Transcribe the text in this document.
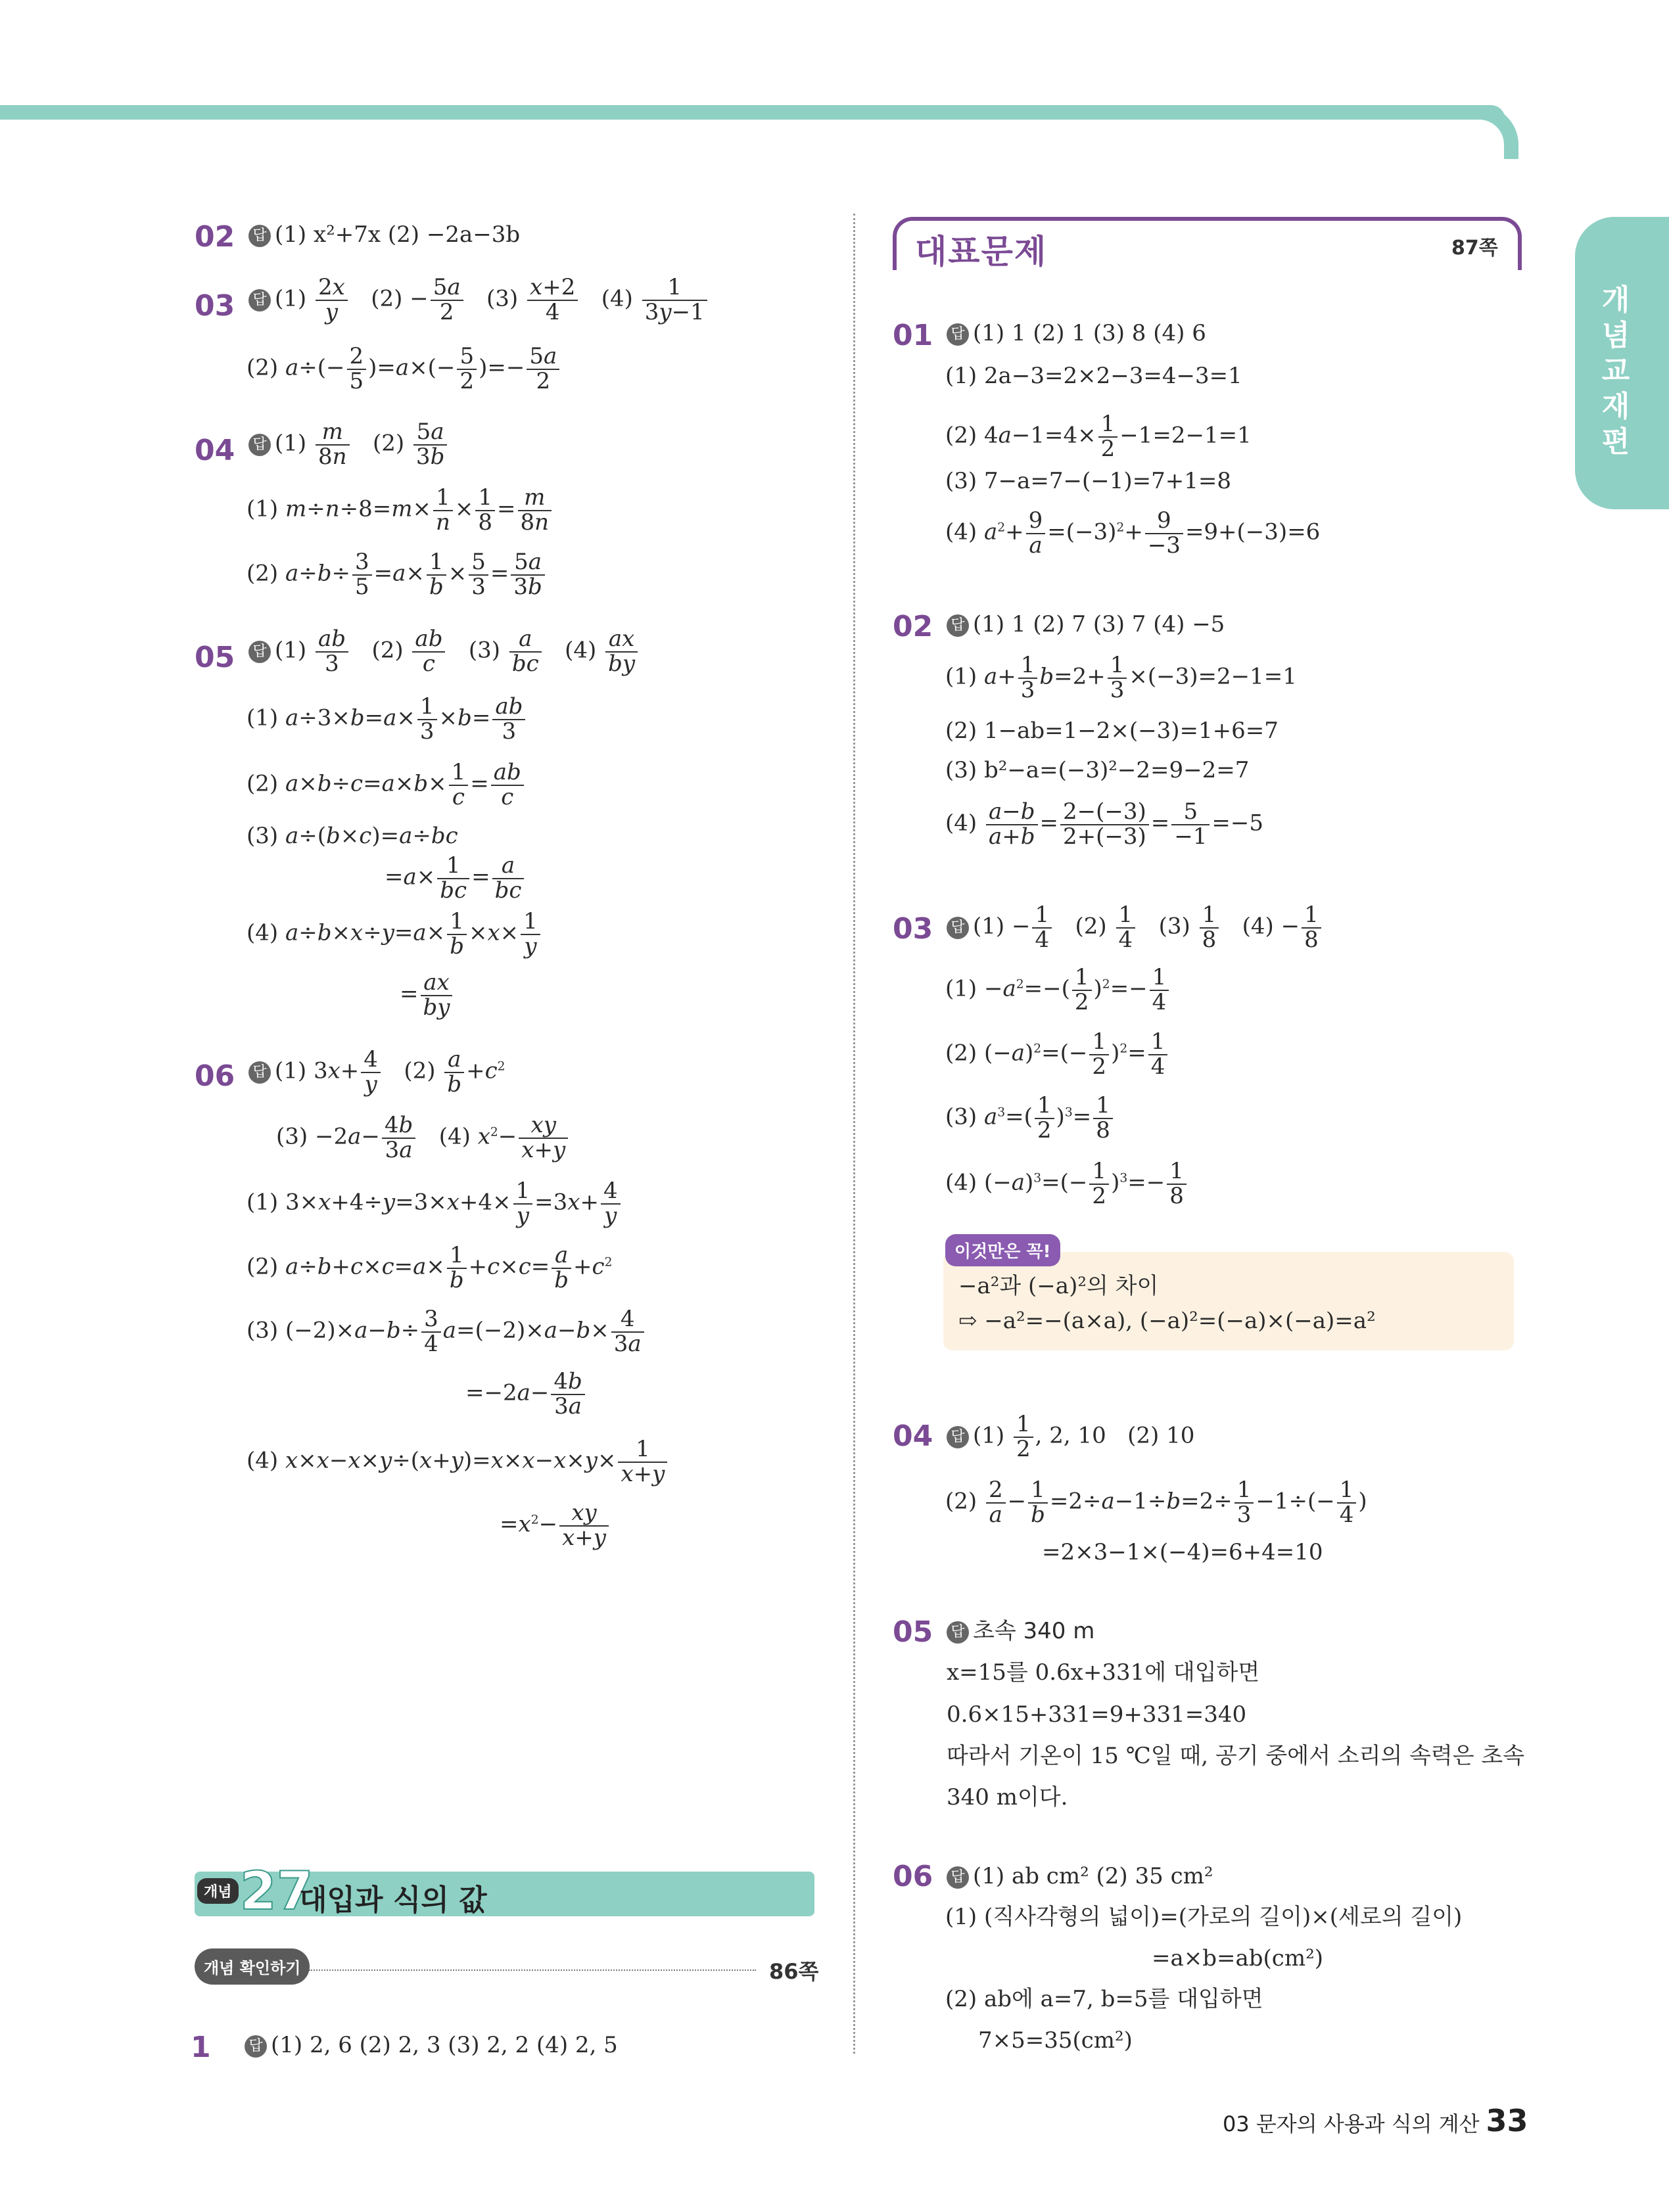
개념교재편
02 답 (1) x²+7x (2) −2a−3b
03 답 $(1) \frac{2x}{y} (2) - \frac{5a}{2} (3) \frac{x+2}{4} (4) \frac{1}{3y-1}$
(2) $a\div(- \frac{2}{5} )=a\times(- \frac{5}{2}$ )=− $\frac{5a}{2}$
04 답 $(1) \frac{m}{8n} (2) \frac{5a}{3b}$
(1) $m\div n\div 8=m\times \frac{1}{n} \times \frac{1}{8} = \frac{m}{8n}$
(2) $a\div b\div \frac{3}{5} =a\times \frac{1}{b} \times \frac{5}{3} = \frac{5a}{3b}$
05 답 $(1) \frac{ab}{3} (2) \frac{ab}{c} (3) \frac{a}{bc} (4) \frac{ax}{by}$
(1) $a\div 3\times b=a\times \frac{1}{3} \times b= \frac{ab}{3}$
(2) $a\times b\div c=a\times b\times \frac{1}{c} = \frac{ab}{c}$
(3) a÷(b×c)=a÷bc
$=a\times \frac{1}{bc} = \frac{a}{bc}$
(4) $a\div b\times x\div y=a\times \frac{1}{b} \times x\times \frac{1}{y}$
= $\frac{ax}{by}$
06 답 (1) $3x+ \frac{4}{y} (2) \frac{a}{b} +c^2$
$(3) -2a- \frac{4b}{3a} (4)$ $x^2- \frac{xy}{x+y}$
(1) $3\times x+4\div y=3\times x+4\times \frac{1}{y} =3x+ \frac{4}{y}$
(2) $a\div b+c\times c=a\times \frac{1}{b} +c\times c= \frac{a}{b} +c^2$
(3) $(-2)\times a-b\div \frac{3}{4} a=(-2)\times a-b\times \frac{4}{3a}$
$=-2a- \frac{4b}{3a}$
(4) $x\times x-x\times y\div(x+y)=x\times x-x\times y\times \frac{1}{x+y}$
$=x^2- \frac{xy}{x+y}$
개념 27
대입과 식의 값
개념 확인하기	86쪽
1	답 (1) 2, 6 (2) 2, 3 (3) 2, 2 (4) 2, 5
대표문제	87쪽
01 답 (1) 1 (2) 1 (3) 8 (4) 6
(1) 2a−3=2×2−3=4−3=1
(2) $4a-1=4\times \frac{1}{2} -1=2-1=1$
(3) 7−a=7−(−1)=7+1=8
(4) $a^2+ \frac{9}{a} =(-3)^2+ \frac{9}{-3} =9+(-3)=6$
02 답 (1) 1 (2) 7 (3) 7 (4) −5
(1) $a+ \frac{1}{3} b=2+ \frac{1}{3} \times(-3)=2-1=1$
(2) 1−ab=1−2×(−3)=1+6=7
(3) b²−a=(−3)²−2=9−2=7
$(4) \frac{a-b}{a+b} = \frac{2-(-3)}{2+(-3)} = \frac{5}{-1} =-5$
03 답 $(1) - \frac{1}{4} (2) \frac{1}{4} (3) \frac{1}{8} (4) - \frac{1}{8}$
$(1) -a^2=-( \frac{1}{2} )^2=- \frac{1}{4}$
(2) $(-a)^2=(- \frac{1}{2} )^2= \frac{1}{4}$
(3) $a^3=( \frac{1}{2} )^3= \frac{1}{8}$
(4) $(-a)^3=(- \frac{1}{2} )^3=- \frac{1}{8}$
이것만은 꼭!
−a²과 (−a)²의 차이
⇨ −a²=−(a×a), (−a)²=(−a)×(−a)=a²
04 답 $(1) \frac{1}{2}$ , 2, 10   (2) 10
$(2) \frac{2}{a} - \frac{1}{b} =2\div a-1\div b=2\div \frac{1}{3} -1\div(- \frac{1}{4}$ )
=2×3−1×(−4)=6+4=10
05 답 초속 340 m
x=15를 0.6x+331에 대입하면
0.6×15+331=9+331=340
따라서 기온이 15 ℃일 때, 공기 중에서 소리의 속력은 초속
340 m이다.
06 답 (1) ab cm² (2) 35 cm²
(1) (직사각형의 넓이)=(가로의 길이)×(세로의 길이)
=a×b=ab(cm²)
(2) ab에 a=7, b=5를 대입하면
7×5=35(cm²)
03 문자의 사용과 식의 계산 33
